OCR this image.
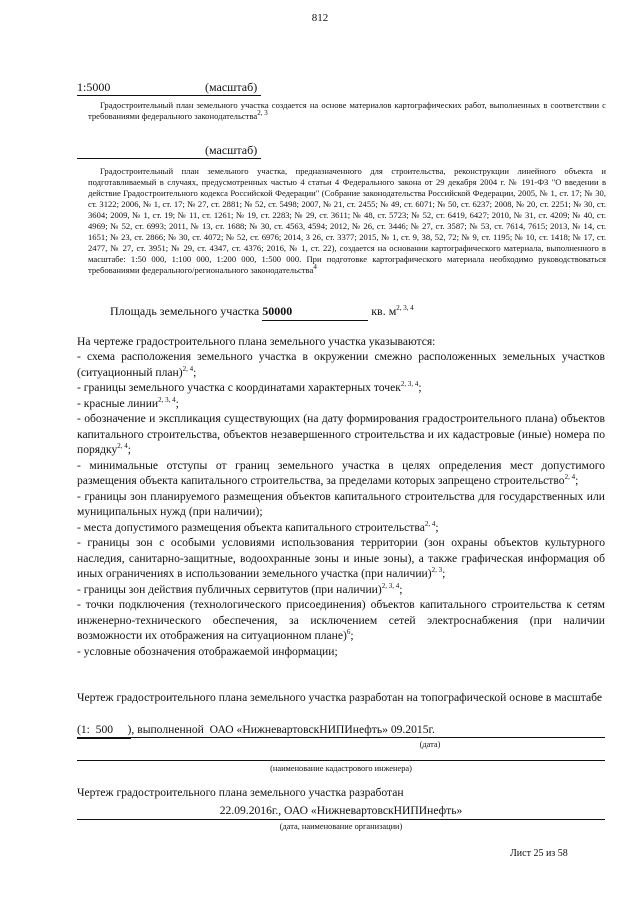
812
1:5000	(масштаб)
Градостроительный план земельного участка создается на основе материалов картографических работ, выполненных в соответствии с требованиями федерального законодательства$^{2, 3}$
(масштаб)
Градостроительный план земельного участка, предназначенного для строительства, реконструкции линейного объекта и подготавливаемый в случаях, предусмотренных частью 4 статьи 4 Федерального закона от 29 декабря 2004 г. № 191-ФЗ "О введении в действие Градостроительного кодекса Российской Федерации" (Собрание законодательства Российской Федерации, 2005, № 1, ст. 17; № 30, ст. 3122; 2006, № 1, ст. 17; № 27, ст. 2881; № 52, ст. 5498; 2007, № 21, ст. 2455; № 49, ст. 6071; № 50, ст. 6237; 2008, № 20, ст. 2251; № 30, ст. 3604; 2009, № 1, ст. 19; № 11, ст. 1261; № 19, ст. 2283; № 29, ст. 3611; № 48, ст. 5723; № 52, ст. 6419, 6427; 2010, № 31, ст. 4209; № 40, ст. 4969; № 52, ст. 6993; 2011, № 13, ст. 1688; № 30, ст. 4563, 4594; 2012, № 26, ст. 3446; № 27, ст. 3587; № 53, ст. 7614, 7615; 2013, № 14, ст. 1651; № 23, ст. 2866; № 30, ст. 4072; № 52, ст. 6976; 2014, 3 26, ст. 3377; 2015, № 1, ст. 9, 38, 52, 72; № 9, ст. 1195; № 10, ст. 1418; № 17, ст. 2477, № 27, ст. 3951; № 29, ст. 4347, ст. 4376; 2016, № 1, ст. 22), создается на основании картографического материала, выполненного в масштабе: 1:50 000, 1:100 000, 1:200 000, 1:500 000. При подготовке картографического материала необходимо руководствоваться требованиями федерального/регионального законодательства$^4$
Площадь земельного участка 50000	кв. $м^{2, 3, 4}$
На чертеже градостроительного плана земельного участка указываются:
- схема расположения земельного участка в окружении смежно расположенных земельных участков (ситуационный план)$^{2, 4}$;
- границы земельного участка с координатами характерных точек$^{2, 3, 4}$;
- красные линии$^{2, 3, 4}$;
- обозначение и экспликация существующих (на дату формирования градостроительного плана) объектов капитального строительства, объектов незавершенного строительства и их кадастровые (иные) номера по порядку$^{2, 4}$;
- минимальные отступы от границ земельного участка в целях определения мест допустимого размещения объекта капитального строительства, за пределами которых запрещено строительство$^{2, 4}$;
- границы зон планируемого размещения объектов капитального строительства для государственных или муниципальных нужд (при наличии);
- места допустимого размещения объекта капитального строительства$^{2, 4}$;
- границы зон с особыми условиями использования территории (зон охраны объектов культурного наследия, санитарно-защитные, водоохранные зоны и иные зоны), а также графическая информация об иных ограничениях в использовании земельного участка (при наличии)$^{2, 3}$;
- границы зон действия публичных сервитутов (при наличии)$^{2, 3, 4}$;
- точки подключения (технологического присоединения) объектов капитального строительства к сетям инженерно-технического обеспечения, за исключением сетей электроснабжения (при наличии возможности их отображения на ситуационном плане)$^6$;
- условные обозначения отображаемой информации;
Чертеж градостроительного плана земельного участка разработан на топографической основе в масштабе
(1:  500     ), выполненной  ОАО «НижневартовскНИПИнефть» 09.2015г.
(дата)
(наименование кадастрового инженера)
Чертеж градостроительного плана земельного участка разработан
22.09.2016г., ОАО «НижневартовскНИПИнефть»
(дата, наименование организации)
Лист 25 из 58
